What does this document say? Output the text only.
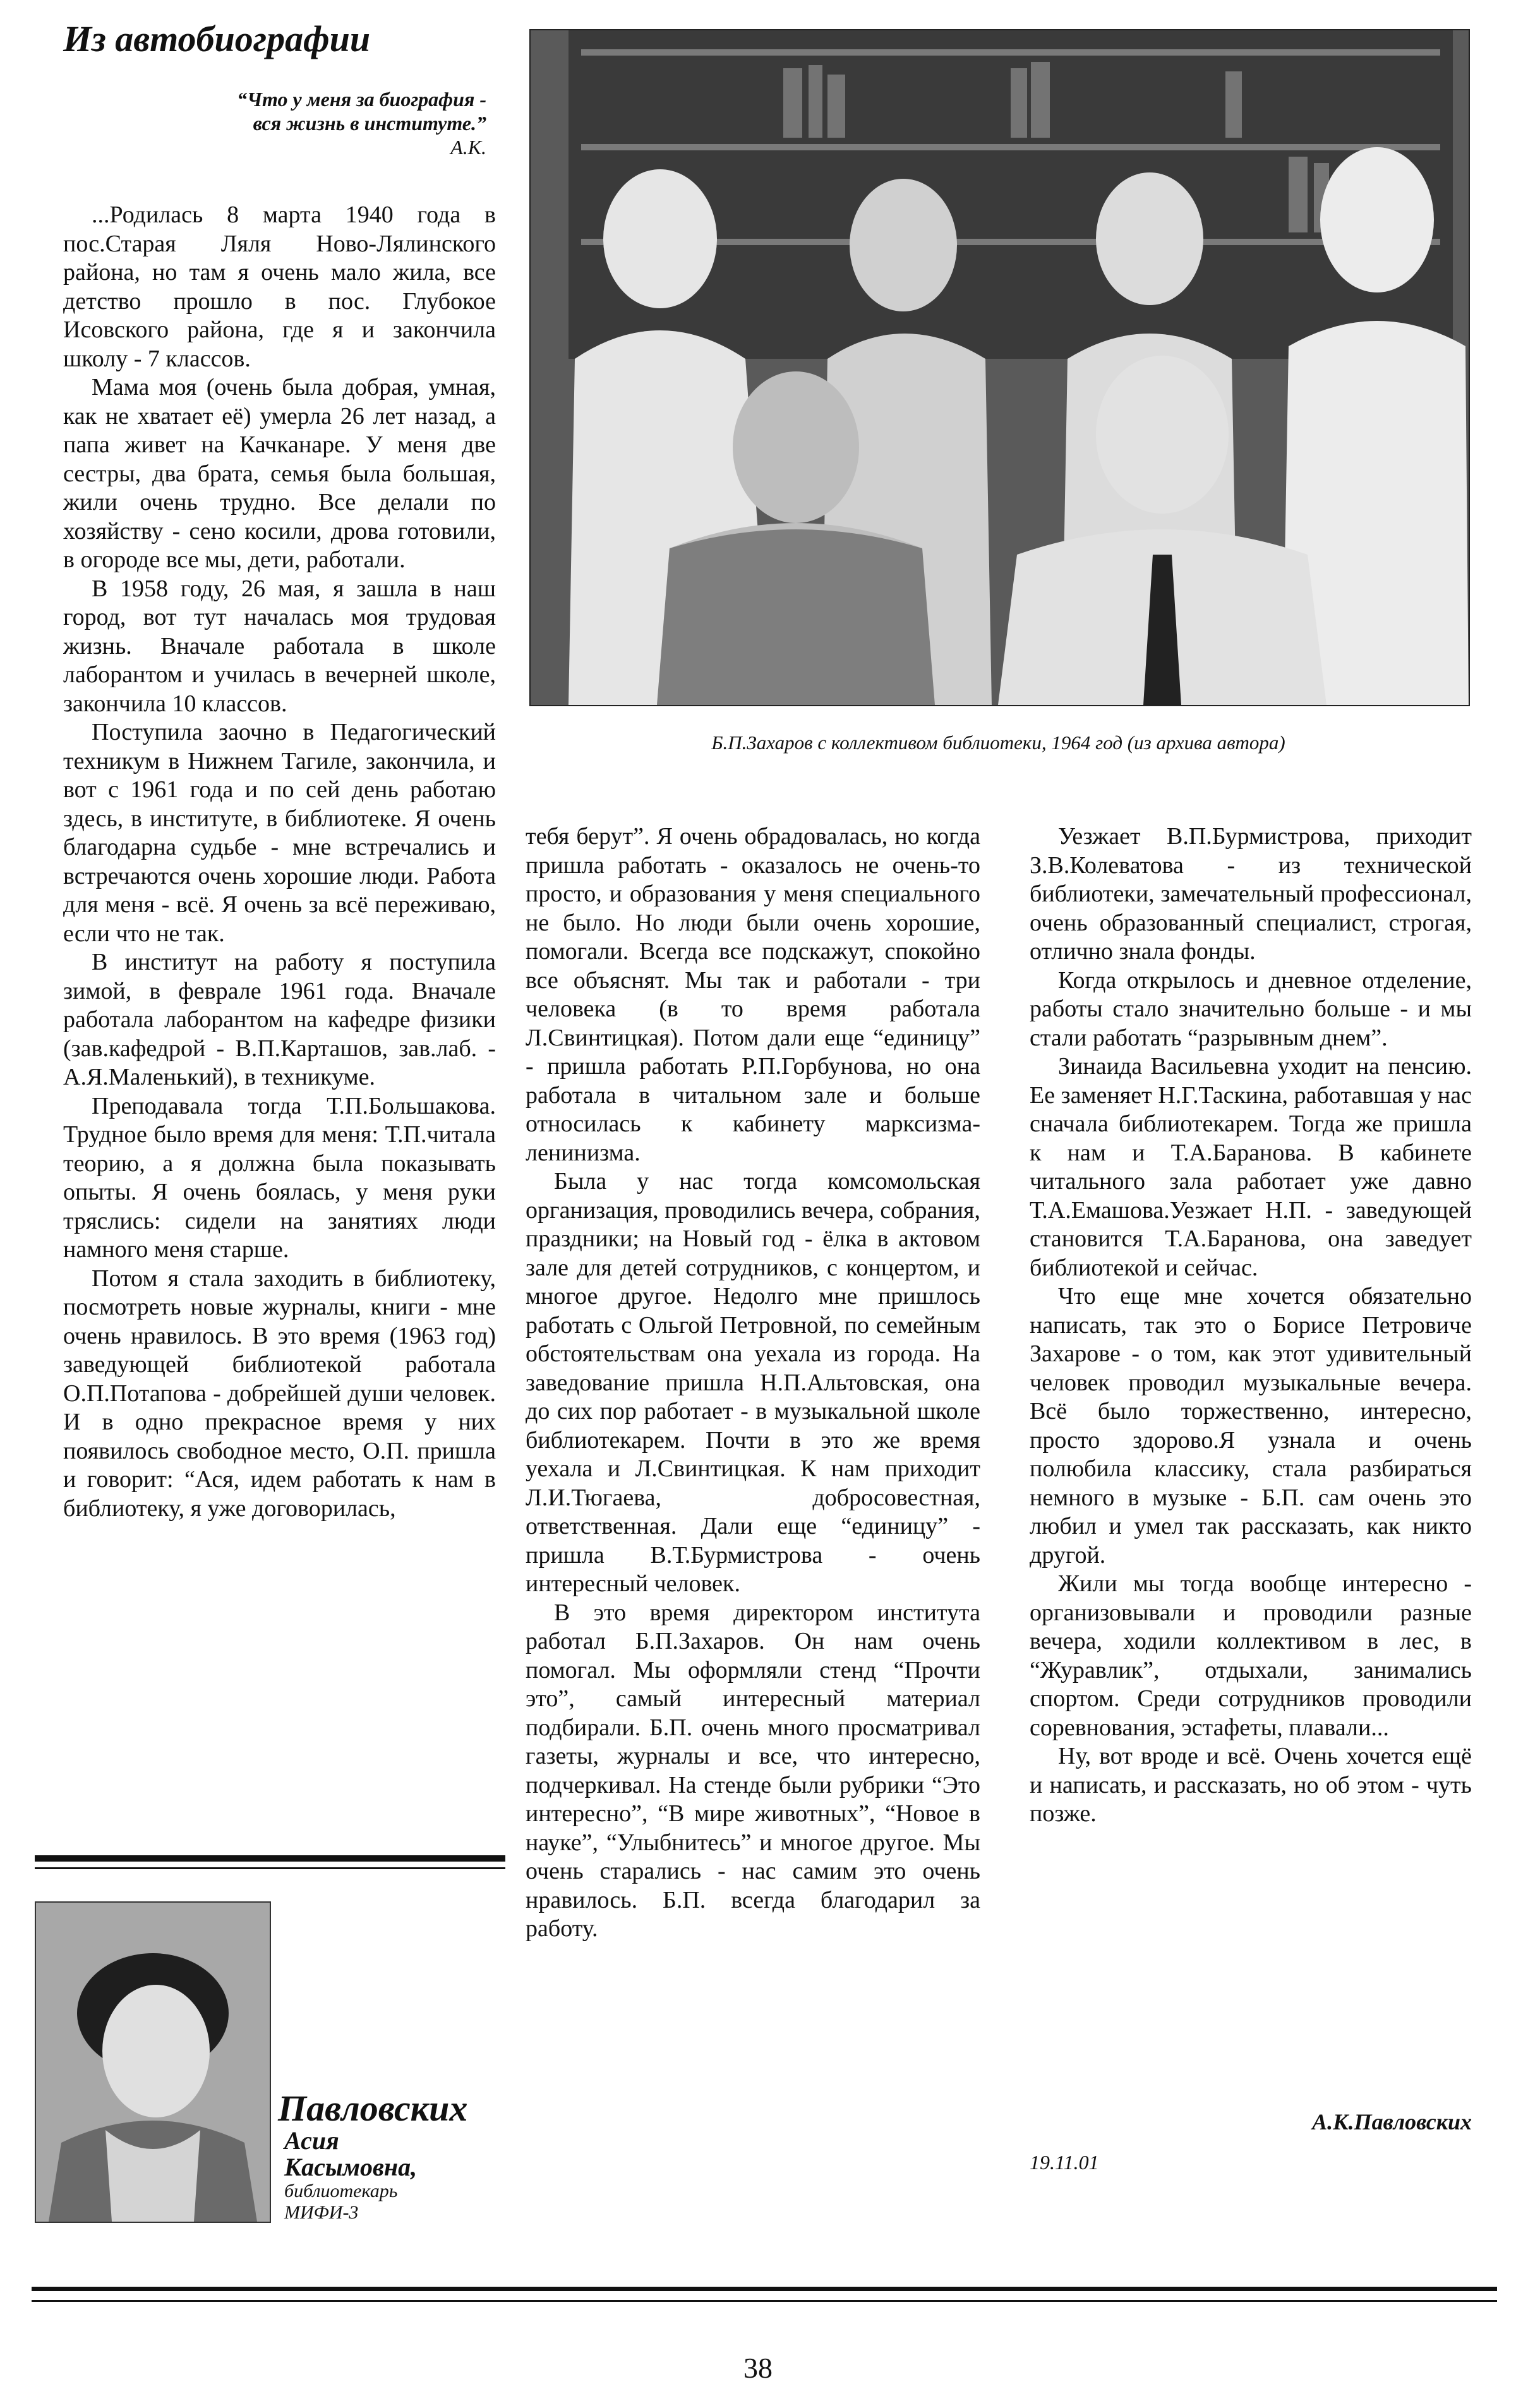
Из автобиографии
“Что у меня за биография -
вся жизнь в институте.”
А.К.

...Родилась 8 марта 1940 года в пос.Старая Ляля Ново-Лялинского района, но там я очень мало жила, все детство прошло в пос. Глубокое Исовского района, где я и закончила школу - 7 классов.

Мама моя (очень была добрая, умная, как не хватает её) умерла 26 лет назад, а папа живет на Качканаре. У меня две сестры, два брата, семья была большая, жили очень трудно. Все делали по хозяйству - сено косили, дрова готовили, в огороде все мы, дети, работали.

В 1958 году, 26 мая, я зашла в наш город, вот тут началась моя трудовая жизнь. Вначале работала в школе лаборантом и училась в вечерней школе, закончила 10 классов.

Поступила заочно в Педагогический техникум в Нижнем Тагиле, закончила, и вот с 1961 года и по сей день работаю здесь, в институте, в библиотеке. Я очень благодарна судьбе - мне встречались и встречаются очень хорошие люди. Работа для меня - всё. Я очень за всё переживаю, если что не так.

В институт на работу я поступила зимой, в феврале 1961 года. Вначале работала лаборантом на кафедре физики (зав.кафедрой - В.П.Карташов, зав.лаб. - А.Я.Маленький), в техникуме.

Преподавала тогда Т.П.Большакова. Трудное было время для меня: Т.П.читала теорию, а я должна была показывать опыты. Я очень боялась, у меня руки тряслись: сидели на занятиях люди намного меня старше.

Потом я стала заходить в библиотеку, посмотреть новые журналы, книги - мне очень нравилось. В это время (1963 год) заведующей библиотекой работала О.П.Потапова - добрейшей души человек. И в одно прекрасное время у них появилось свободное место, О.П. пришла и говорит: “Ася, идем работать к нам в библиотеку, я уже договорилась,

Б.П.Захаров с коллективом библиотеки, 1964 год (из архива автора)

тебя берут”. Я очень обрадовалась, но когда пришла работать - оказалось не очень-то просто, и образования у меня специального не было. Но люди были очень хорошие, помогали. Всегда все подскажут, спокойно все объяснят. Мы так и работали - три человека (в то время работала Л.Свинтицкая). Потом дали еще “единицу” - пришла работать Р.П.Горбунова, но она работала в читальном зале и больше относилась к кабинету марксизма-ленинизма.

Была у нас тогда комсомольская организация, проводились вечера, собрания, праздники; на Новый год - ёлка в актовом зале для детей сотрудников, с концертом, и многое другое. Недолго мне пришлось работать с Ольгой Петровной, по семейным обстоятельствам она уехала из города. На заведование пришла Н.П.Альтовская, она до сих пор работает - в музыкальной школе библиотекарем. Почти в это же время уехала и Л.Свинтицкая. К нам приходит Л.И.Тюгаева, добросовестная, ответственная. Дали еще “единицу” - пришла В.Т.Бурмистрова - очень интересный человек.

В это время директором института работал Б.П.Захаров. Он нам очень помогал. Мы оформляли стенд “Прочти это”, самый интересный материал подбирали. Б.П. очень много просматривал газеты, журналы и все, что интересно, подчеркивал. На стенде были рубрики “Это интересно”, “В мире животных”, “Новое в науке”, “Улыбнитесь” и многое другое. Мы очень старались - нас самим это очень нравилось. Б.П. всегда благодарил за работу.

Уезжает В.П.Бурмистрова, приходит З.В.Колеватова - из технической библиотеки, замечательный профессионал, очень образованный специалист, строгая, отлично знала фонды.

Когда открылось и дневное отделение, работы стало значительно больше - и мы стали работать “разрывным днем”.

Зинаида Васильевна уходит на пенсию. Ее заменяет Н.Г.Таскина, работавшая у нас сначала библиотекарем. Тогда же пришла к нам и Т.А.Баранова. В кабинете читального зала работает уже давно Т.А.Емашова.Уезжает Н.П. - заведующей становится Т.А.Баранова, она заведует библиотекой и сейчас.

Что еще мне хочется обязательно написать, так это о Борисе Петровиче Захарове - о том, как этот удивительный человек проводил музыкальные вечера. Всё было торжественно, интересно, просто здорово.Я узнала и очень полюбила классику, стала разбираться немного в музыке - Б.П. сам очень это любил и умел так рассказать, как никто другой.

Жили мы тогда вообще интересно - организовывали и проводили разные вечера, ходили коллективом в лес, в “Журавлик”, отдыхали, занимались спортом. Среди сотрудников проводили соревнования, эстафеты, плавали...

Ну, вот вроде и всё. Очень хочется ещё и написать, и рассказать, но об этом - чуть позже.

А.К.Павловских
19.11.01
Павловских
Асия
Касымовна,
библиотекарь
МИФИ-3
38
